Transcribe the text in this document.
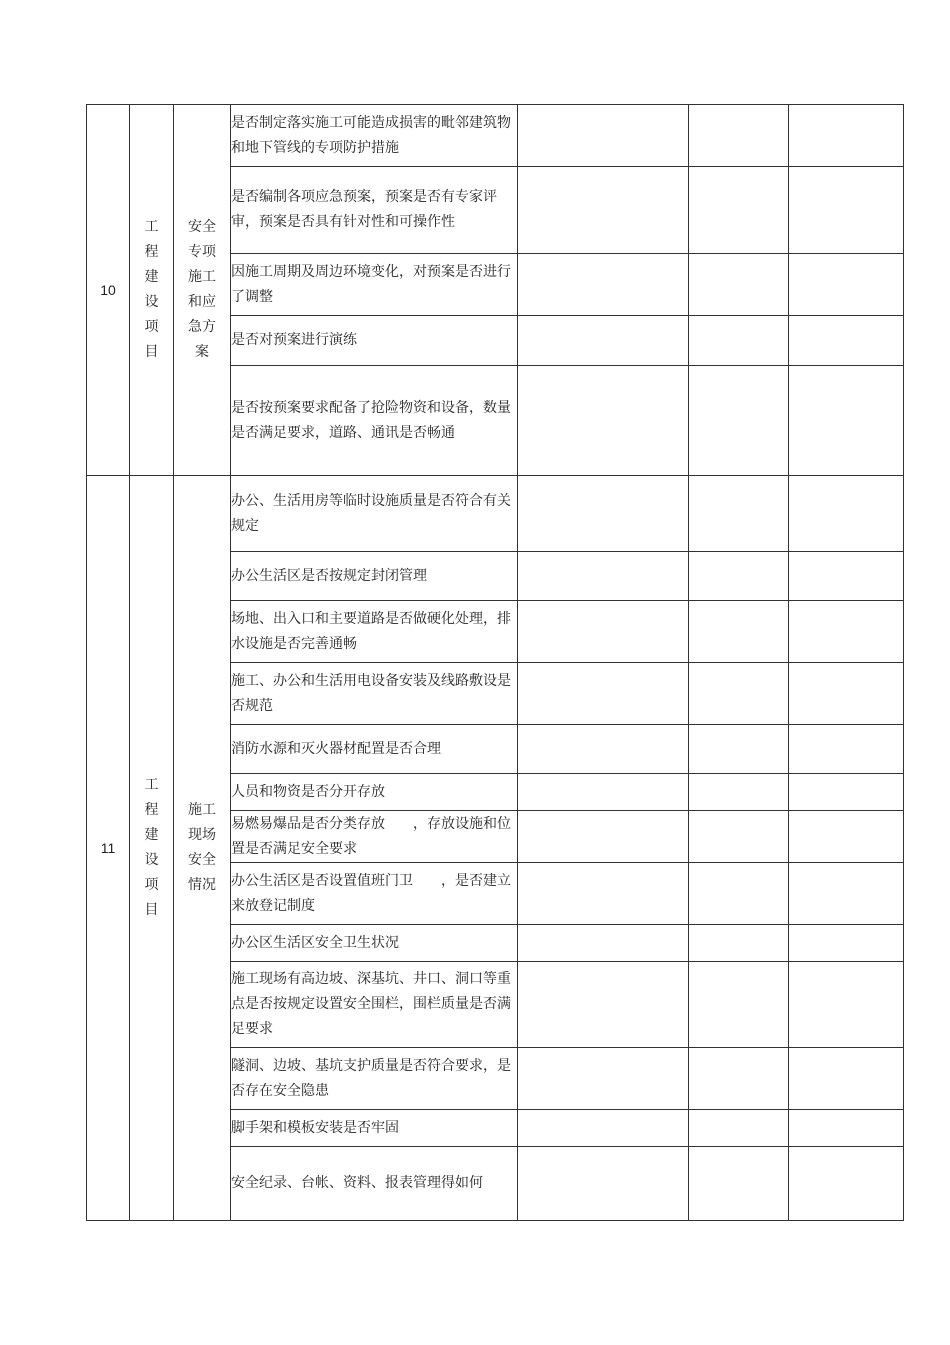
10	工程建设项目	安全专项施工和应急方案	是否制定落实施工可能造成损害的毗邻建筑物和地下管线的专项防护措施			

			是否编制各项应急预案，预案是否有专家评审，预案是否具有针对性和可操作性			

			因施工周期及周边环境变化，对预案是否进行了调整			

			是否对预案进行演练			

			是否按预案要求配备了抢险物资和设备，数量是否满足要求，道路、通讯是否畅通			

11	工程建设项目	施工现场安全情况	办公、生活用房等临时设施质量是否符合有关规定			

			办公生活区是否按规定封闭管理			

			场地、出入口和主要道路是否做硬化处理，排水设施是否完善通畅			

			施工、办公和生活用电设备安装及线路敷设是否规范			

			消防水源和灭火器材配置是否合理			

			人员和物资是否分开存放			

			易燃易爆品是否分类存放　　，存放设施和位置是否满足安全要求			

			办公生活区是否设置值班门卫　　，是否建立来放登记制度			

			办公区生活区安全卫生状况			

			施工现场有高边坡、深基坑、井口、洞口等重点是否按规定设置安全围栏，围栏质量是否满足要求			

			隧洞、边坡、基坑支护质量是否符合要求，是否存在安全隐患			

			脚手架和模板安装是否牢固			

			安全纪录、台帐、资料、报表管理得如何			
